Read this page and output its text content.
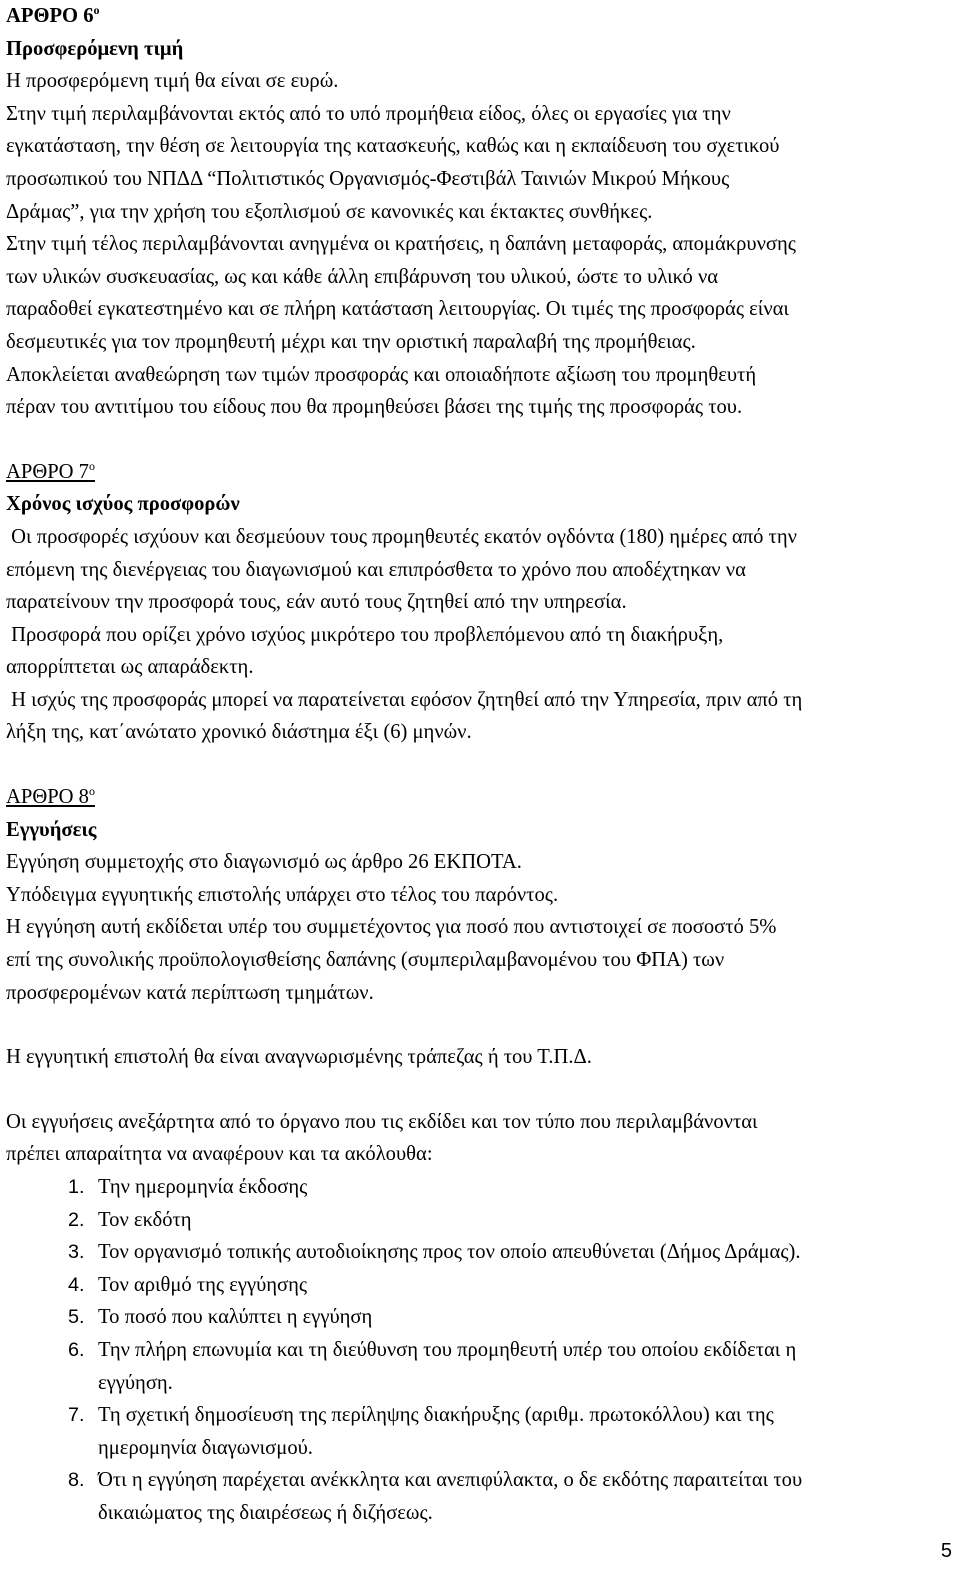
ΑΡΘΡΟ $6^o$
Προσφερόμενη τιμή
Η προσφερόμενη τιμή θα είναι σε ευρώ.
Στην τιμή περιλαμβάνονται εκτός από το υπό προμήθεια είδος, όλες οι εργασίες για την
εγκατάσταση, την θέση σε λειτουργία της κατασκευής, καθώς και η εκπαίδευση του σχετικού
προσωπικού του ΝΠΔΔ “Πολιτιστικός Οργανισμός-Φεστιβάλ Ταινιών Μικρού Μήκους
Δράμας”, για την χρήση του εξοπλισμού σε κανονικές και έκτακτες συνθήκες.
Στην τιμή τέλος περιλαμβάνονται ανηγμένα οι κρατήσεις, η δαπάνη μεταφοράς, απομάκρυνσης
των υλικών συσκευασίας, ως και κάθε άλλη επιβάρυνση του υλικού, ώστε το υλικό να
παραδοθεί εγκατεστημένο και σε πλήρη κατάσταση λειτουργίας. Οι τιμές της προσφοράς είναι
δεσμευτικές για τον προμηθευτή μέχρι και την οριστική παραλαβή της προμήθειας.
Αποκλείεται αναθεώρηση των τιμών προσφοράς και οποιαδήποτε αξίωση του προμηθευτή
πέραν του αντιτίμου του είδους που θα προμηθεύσει βάσει της τιμής της προσφοράς του.
ΑΡΘΡΟ $7^o$
Χρόνος ισχύος προσφορών
Οι προσφορές ισχύουν και δεσμεύουν τους προμηθευτές εκατόν ογδόντα (180) ημέρες από την
επόμενη της διενέργειας του διαγωνισμού και επιπρόσθετα το χρόνο που αποδέχτηκαν να
παρατείνουν την προσφορά τους, εάν αυτό τους ζητηθεί από την υπηρεσία.
Προσφορά που ορίζει χρόνο ισχύος μικρότερο του προβλεπόμενου από τη διακήρυξη,
απορρίπτεται ως απαράδεκτη.
Η ισχύς της προσφοράς μπορεί να παρατείνεται εφόσον ζητηθεί από την Υπηρεσία, πριν από τη
λήξη της, κατ΄ανώτατο χρονικό διάστημα έξι (6) μηνών.
ΑΡΘΡΟ $8^o$
Εγγυήσεις
Εγγύηση συμμετοχής στο διαγωνισμό ως άρθρο 26 ΕΚΠΟΤΑ.
Υπόδειγμα εγγυητικής επιστολής υπάρχει στο τέλος του παρόντος.
Η εγγύηση αυτή εκδίδεται υπέρ του συμμετέχοντος για ποσό που αντιστοιχεί σε ποσοστό 5%
επί της συνολικής προϋπολογισθείσης δαπάνης (συμπεριλαμβανομένου του ΦΠΑ) των
προσφερομένων κατά περίπτωση τμημάτων.
Η εγγυητική επιστολή θα είναι αναγνωρισμένης τράπεζας ή του Τ.Π.Δ.
Οι εγγυήσεις ανεξάρτητα από το όργανο που τις εκδίδει και τον τύπο που περιλαμβάνονται
πρέπει απαραίτητα να αναφέρουν και τα ακόλουθα:
1. Την ημερομηνία έκδοσης
2. Τον εκδότη
3. Τον οργανισμό τοπικής αυτοδιοίκησης προς τον οποίο απευθύνεται (Δήμος Δράμας).
4. Τον αριθμό της εγγύησης
5. Το ποσό που καλύπτει η εγγύηση
6. Την πλήρη επωνυμία και τη διεύθυνση του προμηθευτή υπέρ του οποίου εκδίδεται η
εγγύηση.
7. Τη σχετική δημοσίευση της περίληψης διακήρυξης (αριθμ. πρωτοκόλλου) και της
ημερομηνία διαγωνισμού.
8. Ότι η εγγύηση παρέχεται ανέκκλητα και ανεπιφύλακτα, ο δε εκδότης παραιτείται του
δικαιώματος της διαιρέσεως ή διζήσεως.
5
